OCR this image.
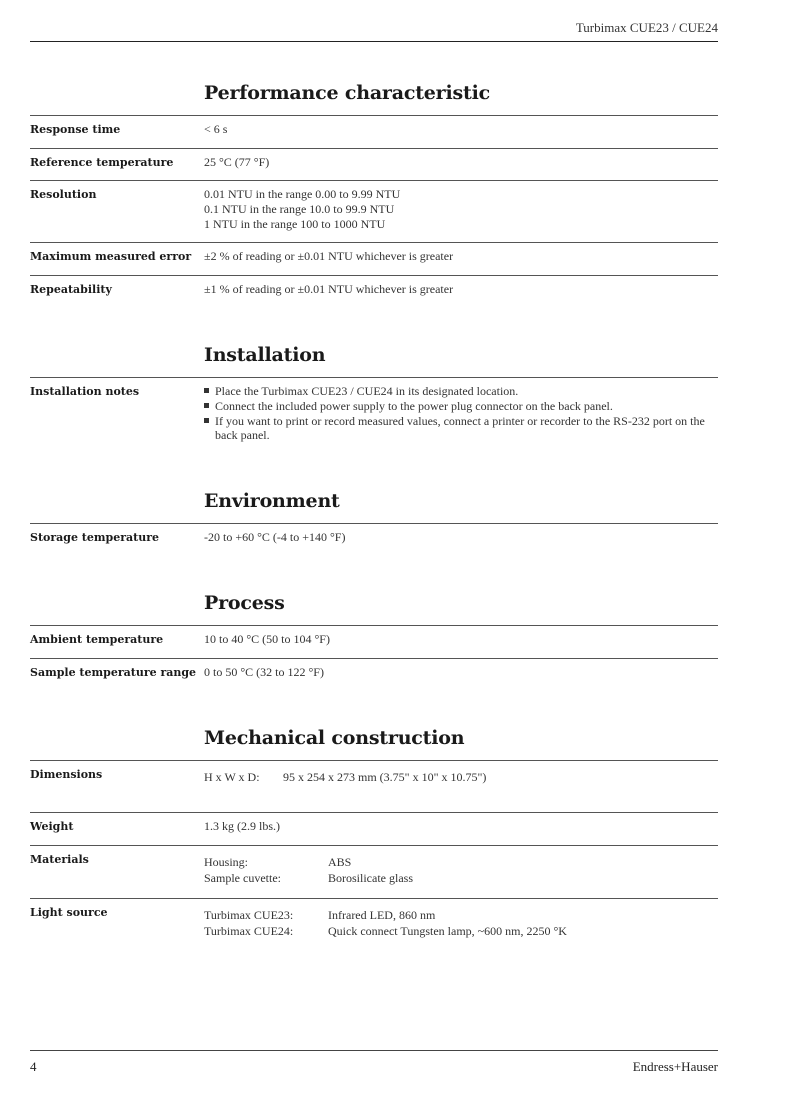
Turbimax CUE23 / CUE24
Performance characteristic
Response time	< 6 s
Reference temperature	25 °C (77 °F)
Resolution	0.01 NTU in the range 0.00 to 9.99 NTU
0.1 NTU in the range 10.0 to 99.9 NTU
1 NTU in the range 100 to 1000 NTU
Maximum measured error ±2 % of reading or ±0.01 NTU whichever is greater
Repeatability	±1 % of reading or ±0.01 NTU whichever is greater
Installation
Installation notes	Place the Turbimax CUE23 / CUE24 in its designated location.
Connect the included power supply to the power plug connector on the back panel.
If you want to print or record measured values, connect a printer or recorder to the RS-232 port on the back panel.
Environment
Storage temperature	-20 to +60 °C (-4 to +140 °F)
Process
Ambient temperature	10 to 40 °C (50 to 104 °F)
Sample temperature range 0 to 50 °C (32 to 122 °F)
Mechanical construction
Dimensions	H x W x D: 95 x 254 x 273 mm (3.75" x 10" x 10.75")
Weight	1.3 kg (2.9 lbs.)
Materials	Housing:	ABS
Sample cuvette:	Borosilicate glass
Light source	Turbimax CUE23:	Infrared LED, 860 nm
Turbimax CUE24:	Quick connect Tungsten lamp, ~600 nm, 2250 °K
4	Endress+Hauser
